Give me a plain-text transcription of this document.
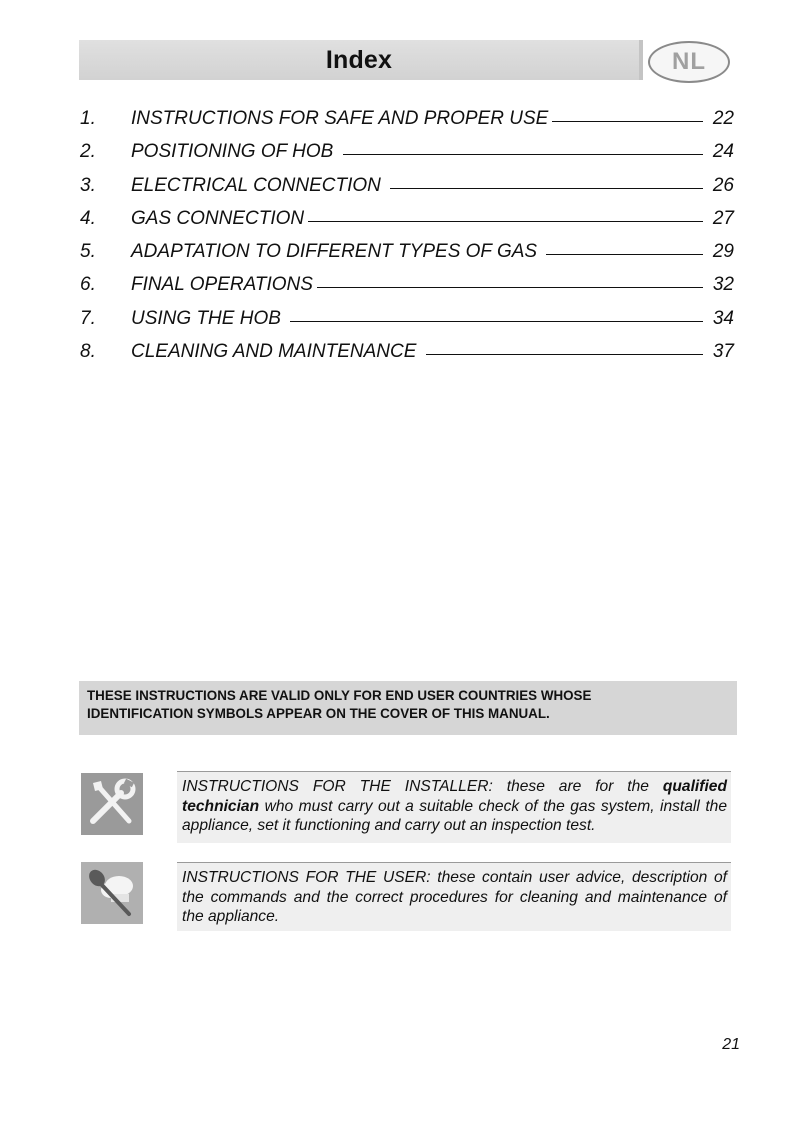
Index	NL
1.	INSTRUCTIONS FOR SAFE AND PROPER USE	22
2.	POSITIONING OF HOB	24
3.	ELECTRICAL CONNECTION	26
4.	GAS CONNECTION	27
5.	ADAPTATION TO DIFFERENT TYPES OF GAS	29
6.	FINAL OPERATIONS	32
7.	USING THE HOB	34
8.	CLEANING AND MAINTENANCE	37
THESE INSTRUCTIONS ARE VALID ONLY FOR END USER COUNTRIES WHOSE
IDENTIFICATION SYMBOLS APPEAR ON THE COVER OF THIS MANUAL.
INSTRUCTIONS FOR THE INSTALLER: these are for the qualified technician who must carry out a suitable check of the gas system, install the appliance, set it functioning and carry out an inspection test.
INSTRUCTIONS FOR THE USER: these contain user advice, description of the commands and the correct procedures for cleaning and maintenance of the appliance.
21
